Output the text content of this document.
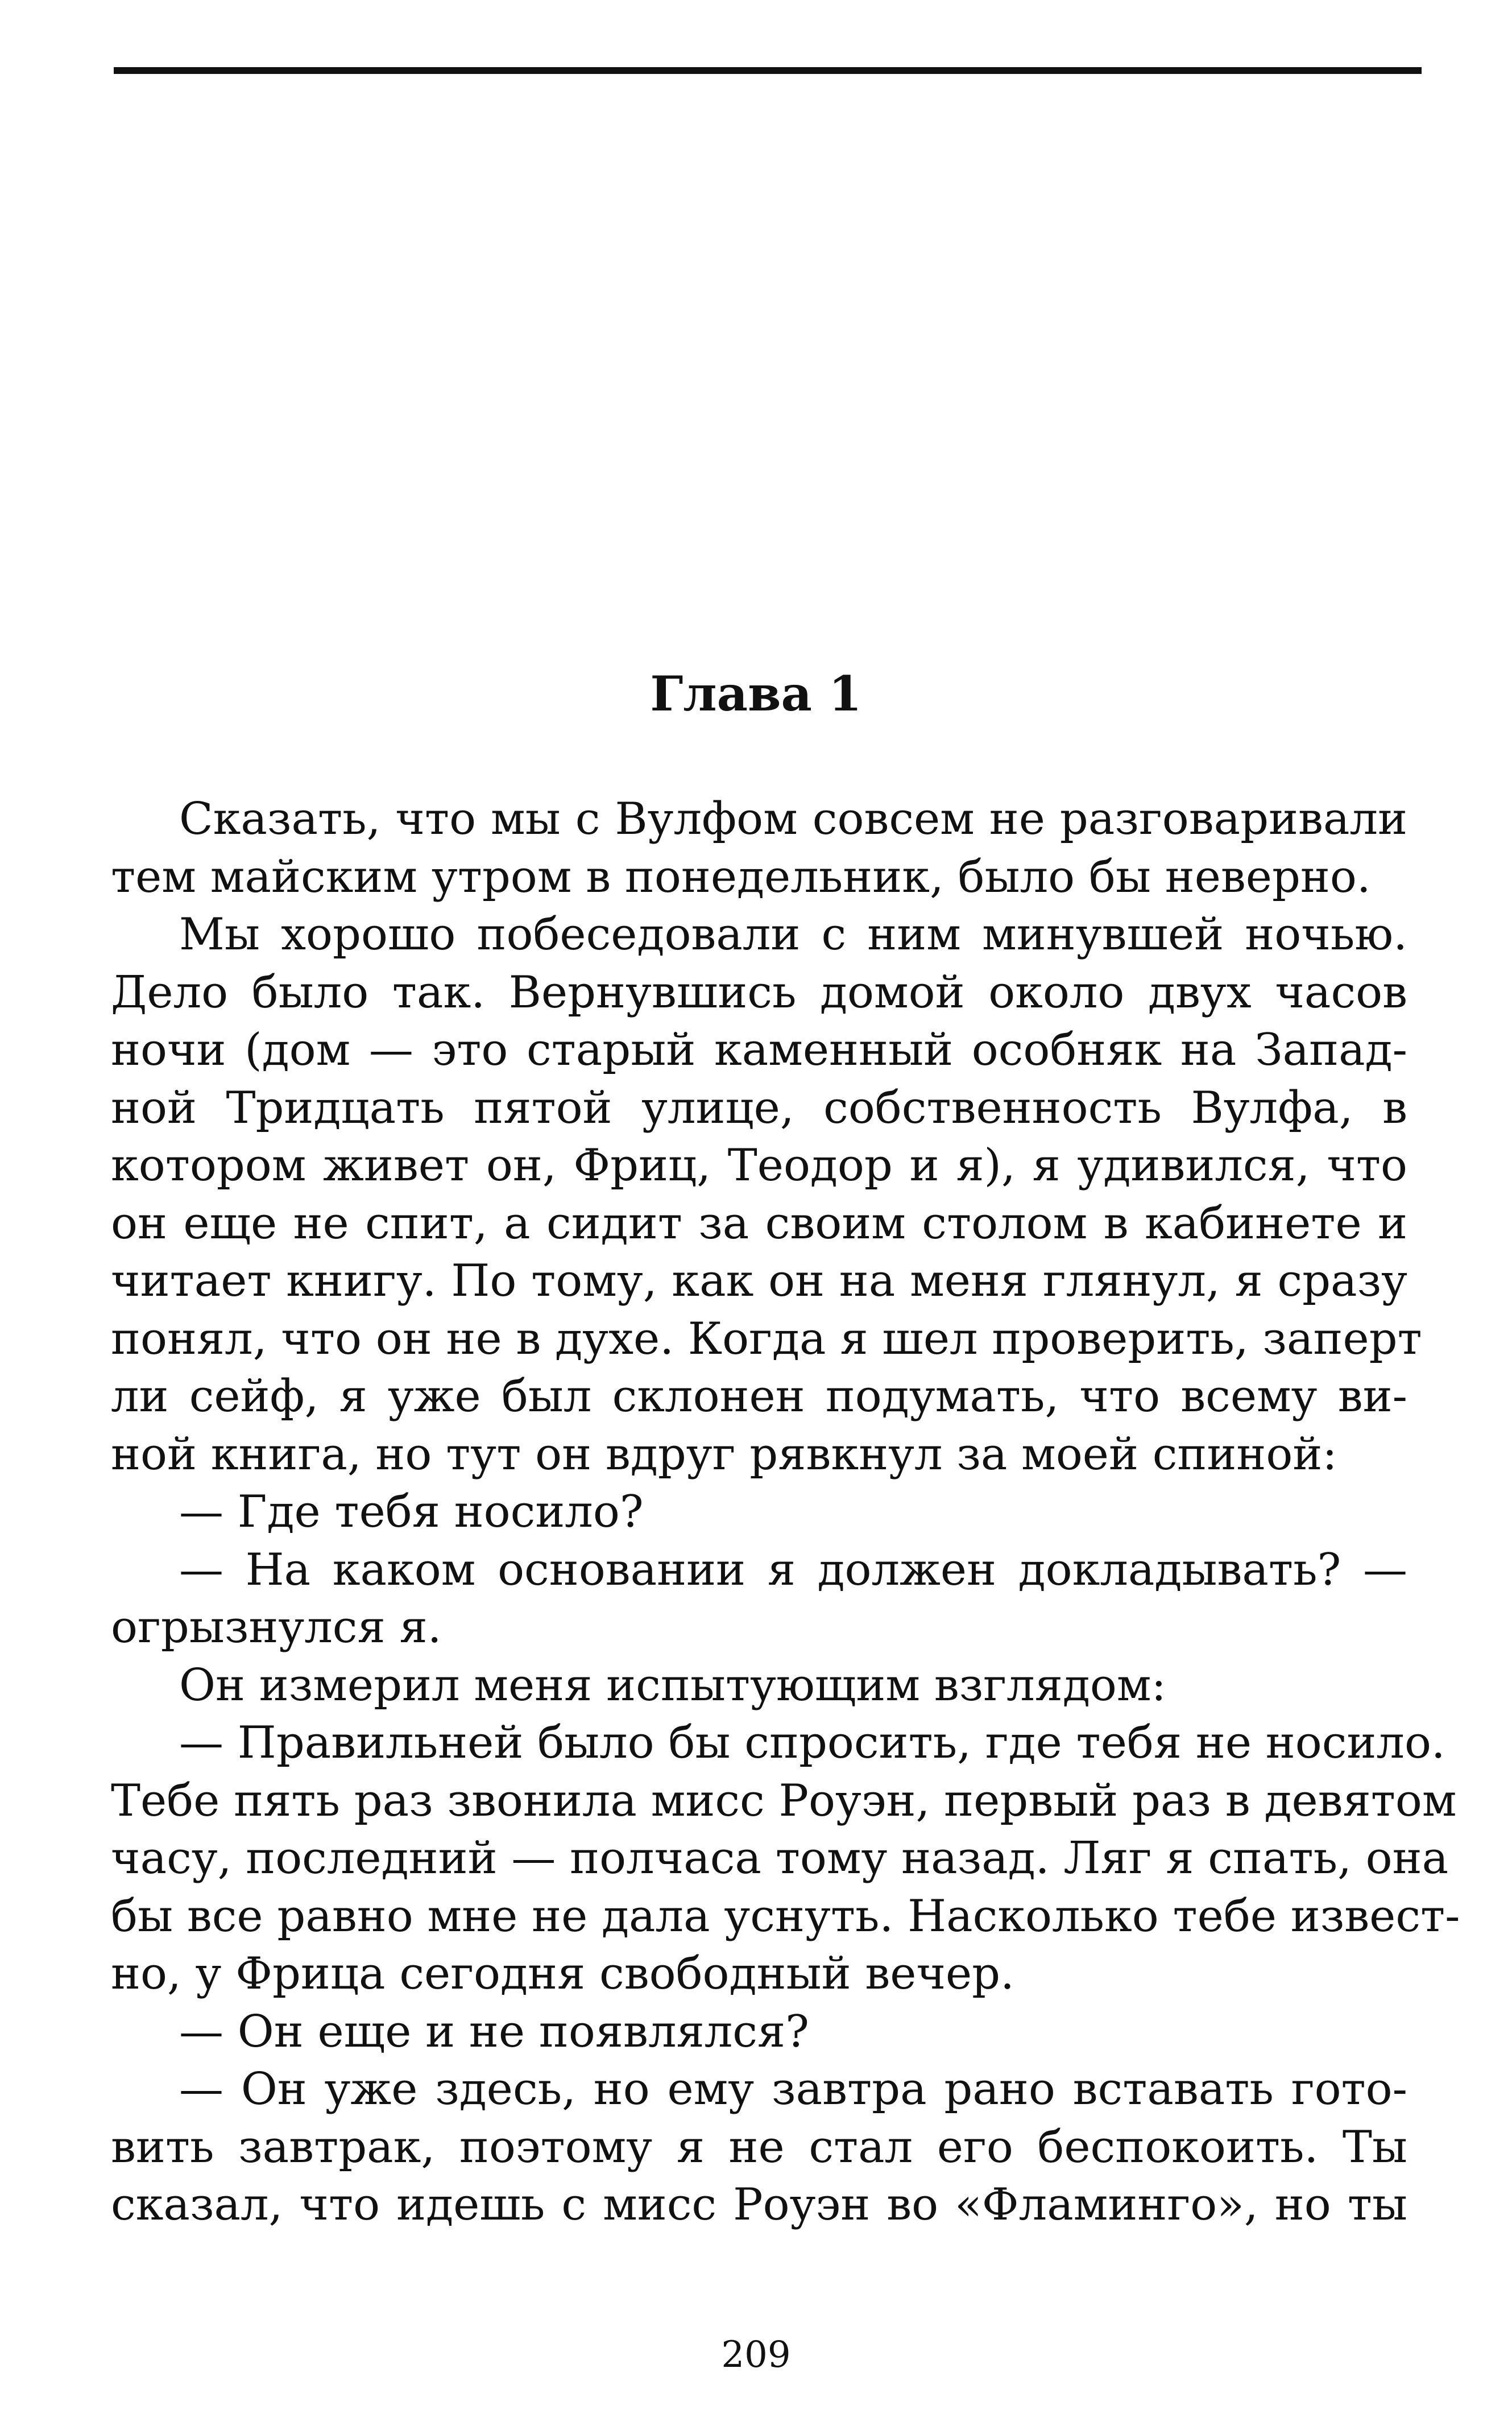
Глава 1
Сказать, что мы с Вулфом совсем не разговаривали
тем майским утром в понедельник, было бы неверно.
Мы хорошо побеседовали с ним минувшей ночью.
Дело было так. Вернувшись домой около двух часов
ночи (дом — это старый каменный особняк на Запад-
ной Тридцать пятой улице, собственность Вулфа, в
котором живет он, Фриц, Теодор и я), я удивился, что
он еще не спит, а сидит за своим столом в кабинете и
читает книгу. По тому, как он на меня глянул, я сразу
понял, что он не в духе. Когда я шел проверить, заперт
ли сейф, я уже был склонен подумать, что всему ви-
ной книга, но тут он вдруг рявкнул за моей спиной:
— Где тебя носило?
— На каком основании я должен докладывать? —
огрызнулся я.
Он измерил меня испытующим взглядом:
— Правильней было бы спросить, где тебя не носило.
Тебе пять раз звонила мисс Роуэн, первый раз в девятом
часу, последний — полчаса тому назад. Ляг я спать, она
бы все равно мне не дала уснуть. Насколько тебе извест-
но, у Фрица сегодня свободный вечер.
— Он еще и не появлялся?
— Он уже здесь, но ему завтра рано вставать гото-
вить завтрак, поэтому я не стал его беспокоить. Ты
сказал, что идешь с мисс Роуэн во «Фламинго», но ты
209
